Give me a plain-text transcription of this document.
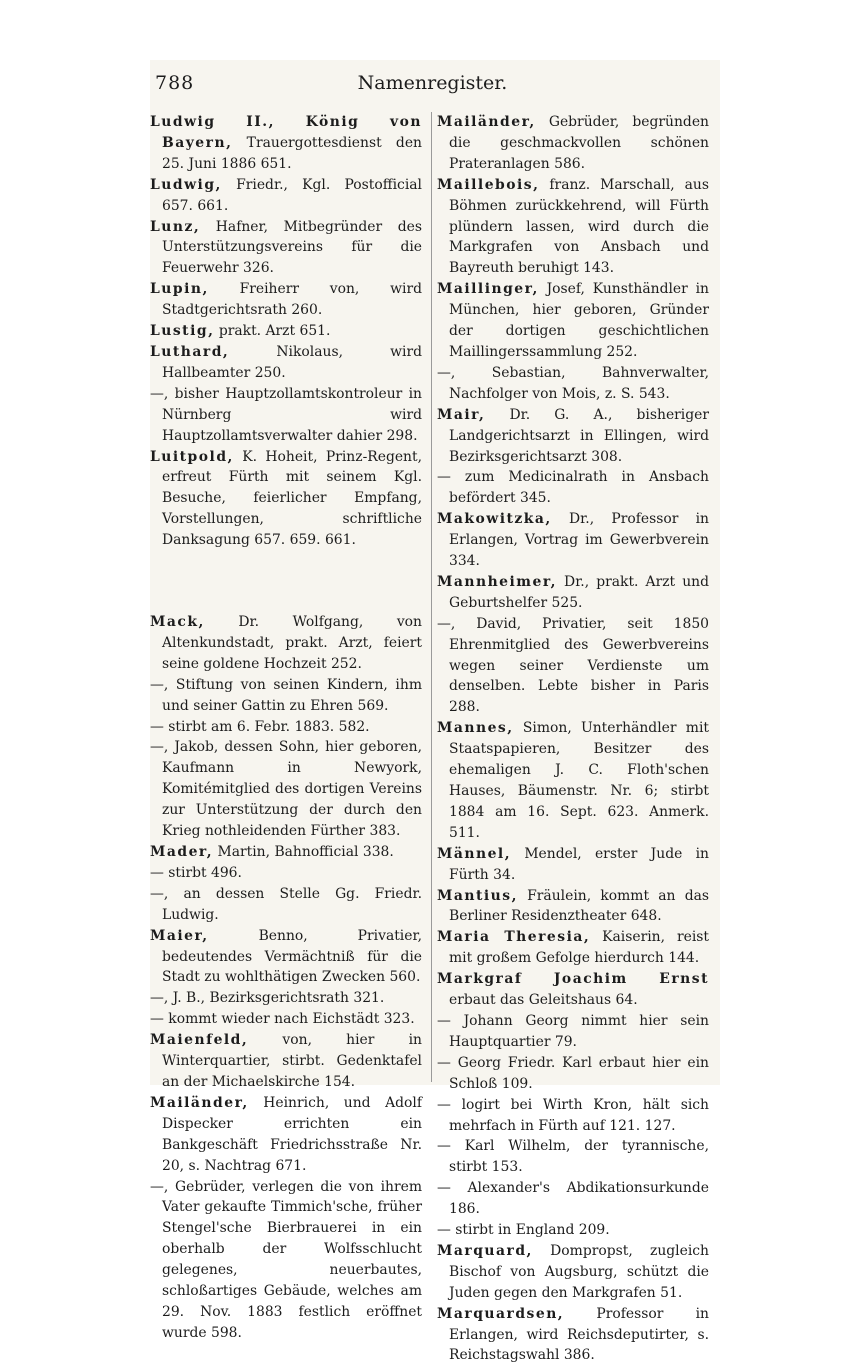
788	Namenregister.
Ludwig II., König von Bayern, Trauergottesdienst den 25. Juni 1886 651.
Ludwig, Friedr., Kgl. Postofficial 657. 661.
Lunz, Hafner, Mitbegründer des Unterstützungsvereins für die Feuerwehr 326.
Lupin, Freiherr von, wird Stadtgerichtsrath 260.
Lustig, prakt. Arzt 651.
Luthard, Nikolaus, wird Hallbeamter 250.
—, bisher Hauptzollamtskontroleur in Nürnberg wird Hauptzollamtsverwalter dahier 298.
Luitpold, K. Hoheit, Prinz-Regent, erfreut Fürth mit seinem Kgl. Besuche, feierlicher Empfang, Vorstellungen, schriftliche Danksagung 657. 659. 661.
Mack, Dr. Wolfgang, von Altenkundstadt, prakt. Arzt, feiert seine goldene Hochzeit 252.
—, Stiftung von seinen Kindern, ihm und seiner Gattin zu Ehren 569.
— stirbt am 6. Febr. 1883. 582.
—, Jakob, dessen Sohn, hier geboren, Kaufmann in Newyork, Komitémitglied des dortigen Vereins zur Unterstützung der durch den Krieg nothleidenden Fürther 383.
Mader, Martin, Bahnofficial 338.
— stirbt 496.
—, an dessen Stelle Gg. Friedr. Ludwig.
Maier, Benno, Privatier, bedeutendes Vermächtniß für die Stadt zu wohlthätigen Zwecken 560.
—, J. B., Bezirksgerichtsrath 321.
— kommt wieder nach Eichstädt 323.
Maienfeld, von, hier in Winterquartier, stirbt. Gedenktafel an der Michaelskirche 154.
Mailänder, Heinrich, und Adolf Dispecker errichten ein Bankgeschäft Friedrichsstraße Nr. 20, s. Nachtrag 671.
—, Gebrüder, verlegen die von ihrem Vater gekaufte Timmich'sche, früher Stengel'sche Bierbrauerei in ein oberhalb der Wolfsschlucht gelegenes, neuerbautes, schloßartiges Gebäude, welches am 29. Nov. 1883 festlich eröffnet wurde 598.
Mailänder, Gebrüder, begründen die geschmackvollen schönen Prateranlagen 586.
Maillebois, franz. Marschall, aus Böhmen zurückkehrend, will Fürth plündern lassen, wird durch die Markgrafen von Ansbach und Bayreuth beruhigt 143.
Maillinger, Josef, Kunsthändler in München, hier geboren, Gründer der dortigen geschichtlichen Maillingerssammlung 252.
—, Sebastian, Bahnverwalter, Nachfolger von Mois, z. S. 543.
Mair, Dr. G. A., bisheriger Landgerichtsarzt in Ellingen, wird Bezirksgerichtsarzt 308.
— zum Medicinalrath in Ansbach befördert 345.
Makowitzka, Dr., Professor in Erlangen, Vortrag im Gewerbverein 334.
Mannheimer, Dr., prakt. Arzt und Geburtshelfer 525.
—, David, Privatier, seit 1850 Ehrenmitglied des Gewerbvereins wegen seiner Verdienste um denselben. Lebte bisher in Paris 288.
Mannes, Simon, Unterhändler mit Staatspapieren, Besitzer des ehemaligen J. C. Floth'schen Hauses, Bäumenstr. Nr. 6; stirbt 1884 am 16. Sept. 623. Anmerk. 511.
Männel, Mendel, erster Jude in Fürth 34.
Mantius, Fräulein, kommt an das Berliner Residenztheater 648.
Maria Theresia, Kaiserin, reist mit großem Gefolge hierdurch 144.
Markgraf Joachim Ernst erbaut das Geleitshaus 64.
— Johann Georg nimmt hier sein Hauptquartier 79.
— Georg Friedr. Karl erbaut hier ein Schloß 109.
— logirt bei Wirth Kron, hält sich mehrfach in Fürth auf 121. 127.
— Karl Wilhelm, der tyrannische, stirbt 153.
— Alexander's Abdikationsurkunde 186.
— stirbt in England 209.
Marquard, Dompropst, zugleich Bischof von Augsburg, schützt die Juden gegen den Markgrafen 51.
Marquardsen, Professor in Erlangen, wird Reichsdeputirter, s. Reichstagswahl 386.
